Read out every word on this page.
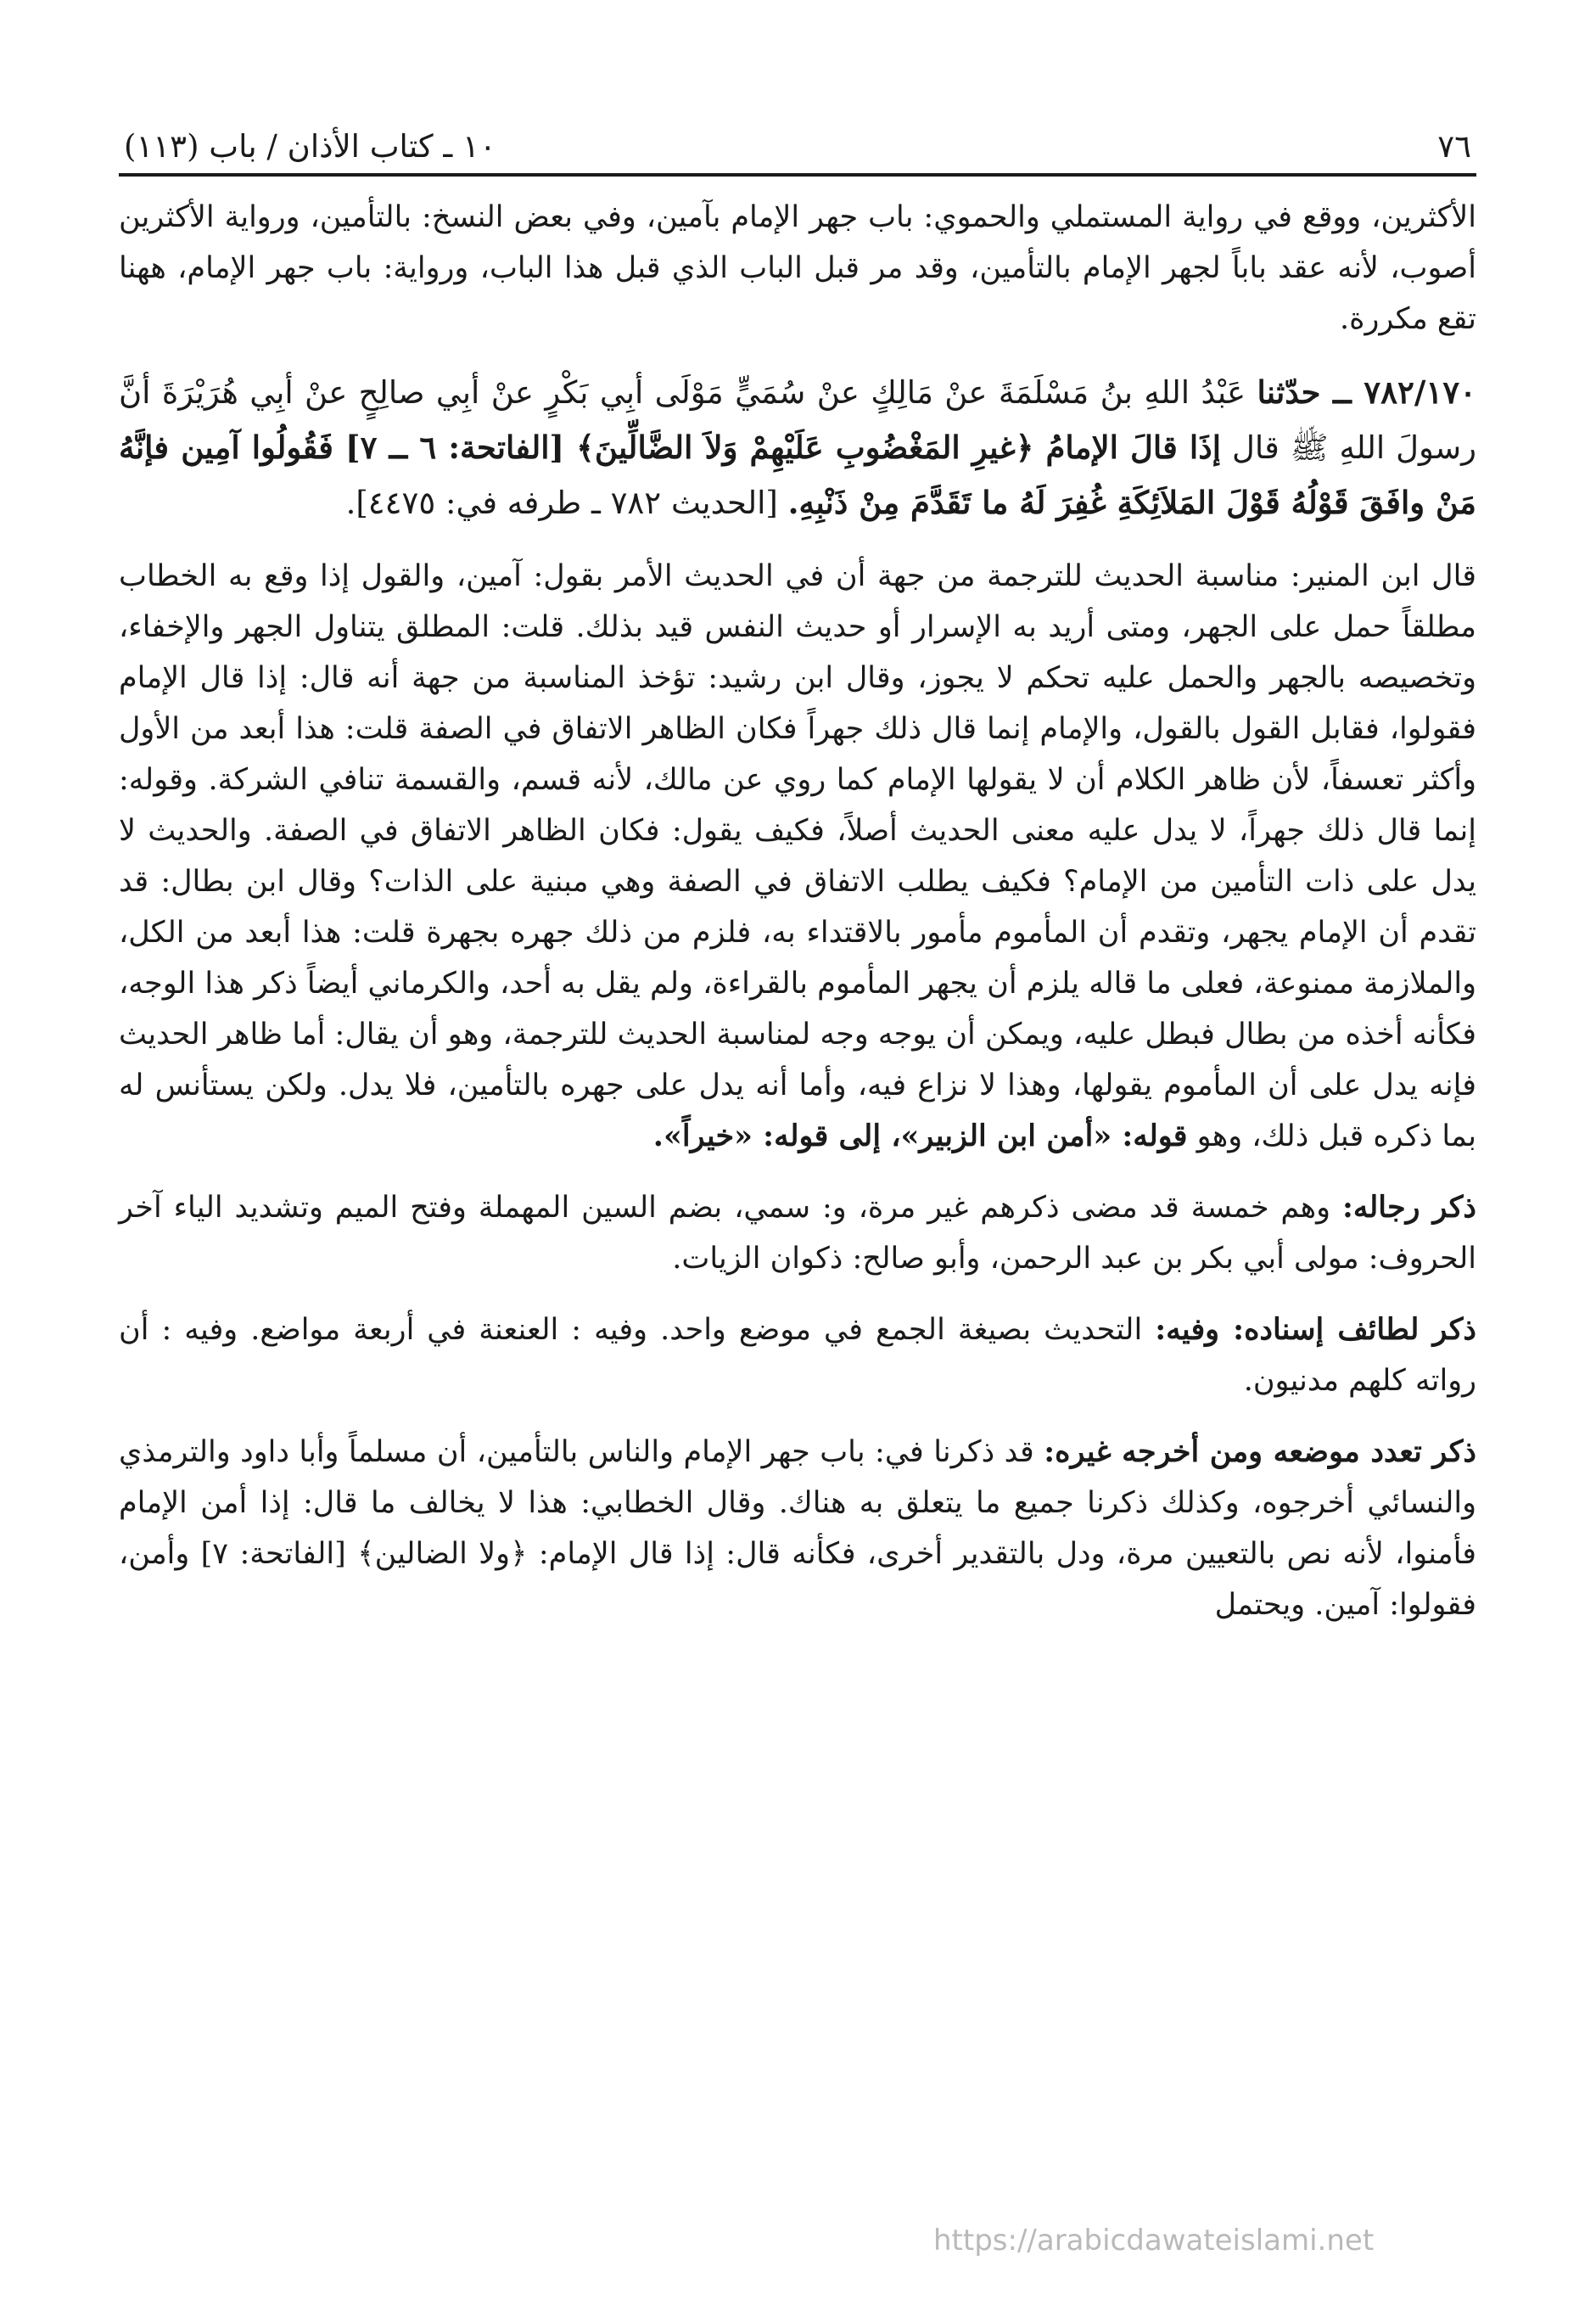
٧٦
١٠ ـ كتاب الأذان / باب (١١٣)

الأكثرين، ووقع في رواية المستملي والحموي: باب جهر الإمام بآمين، وفي بعض النسخ: بالتأمين، ورواية الأكثرين أصوب، لأنه عقد باباً لجهر الإمام بالتأمين، وقد مر قبل الباب الذي قبل هذا الباب، ورواية: باب جهر الإمام، ههنا تقع مكررة.

٧٨٢/١٧٠ ــ حدّثنا عَبْدُ اللهِ بنُ مَسْلَمَةَ عنْ مَالِكٍ عنْ سُمَيٍّ مَوْلَى أبِي بَكْرٍ عنْ أبِي صالِحٍ عنْ أبِي هُرَيْرَةَ أنَّ رسولَ اللهِ ﷺ قال إذَا قالَ الإمامُ ﴿غيرِ المَغْضُوبِ عَلَيْهِمْ وَلاَ الضَّالِّينَ﴾ [الفاتحة: ٦ ــ ٧] فَقُولُوا آمِين فإنَّهُ مَنْ وافَقَ قَوْلُهُ قَوْلَ المَلاَئِكَةِ غُفِرَ لَهُ ما تَقَدَّمَ مِنْ ذَنْبِهِ. [الحديث ٧٨٢ ـ طرفه في: ٤٤٧٥].

قال ابن المنير: مناسبة الحديث للترجمة من جهة أن في الحديث الأمر بقول: آمين، والقول إذا وقع به الخطاب مطلقاً حمل على الجهر، ومتى أريد به الإسرار أو حديث النفس قيد بذلك. قلت: المطلق يتناول الجهر والإخفاء، وتخصيصه بالجهر والحمل عليه تحكم لا يجوز، وقال ابن رشيد: تؤخذ المناسبة من جهة أنه قال: إذا قال الإمام فقولوا، فقابل القول بالقول، والإمام إنما قال ذلك جهراً فكان الظاهر الاتفاق في الصفة قلت: هذا أبعد من الأول وأكثر تعسفاً، لأن ظاهر الكلام أن لا يقولها الإمام كما روي عن مالك، لأنه قسم، والقسمة تنافي الشركة. وقوله: إنما قال ذلك جهراً، لا يدل عليه معنى الحديث أصلاً، فكيف يقول: فكان الظاهر الاتفاق في الصفة. والحديث لا يدل على ذات التأمين من الإمام؟ فكيف يطلب الاتفاق في الصفة وهي مبنية على الذات؟ وقال ابن بطال: قد تقدم أن الإمام يجهر، وتقدم أن المأموم مأمور بالاقتداء به، فلزم من ذلك جهره بجهرة قلت: هذا أبعد من الكل، والملازمة ممنوعة، فعلى ما قاله يلزم أن يجهر المأموم بالقراءة، ولم يقل به أحد، والكرماني أيضاً ذكر هذا الوجه، فكأنه أخذه من بطال فبطل عليه، ويمكن أن يوجه وجه لمناسبة الحديث للترجمة، وهو أن يقال: أما ظاهر الحديث فإنه يدل على أن المأموم يقولها، وهذا لا نزاع فيه، وأما أنه يدل على جهره بالتأمين، فلا يدل. ولكن يستأنس له بما ذكره قبل ذلك، وهو قوله: «أمن ابن الزبير»، إلى قوله: «خيراً».

ذكر رجاله: وهم خمسة قد مضى ذكرهم غير مرة، و: سمي، بضم السين المهملة وفتح الميم وتشديد الياء آخر الحروف: مولى أبي بكر بن عبد الرحمن، وأبو صالح: ذكوان الزيات.

ذكر لطائف إسناده: وفيه: التحديث بصيغة الجمع في موضع واحد. وفيه : العنعنة في أربعة مواضع. وفيه : أن رواته كلهم مدنيون.

ذكر تعدد موضعه ومن أخرجه غيره: قد ذكرنا في: باب جهر الإمام والناس بالتأمين، أن مسلماً وأبا داود والترمذي والنسائي أخرجوه، وكذلك ذكرنا جميع ما يتعلق به هناك. وقال الخطابي: هذا لا يخالف ما قال: إذا أمن الإمام فأمنوا، لأنه نص بالتعيين مرة، ودل بالتقدير أخرى، فكأنه قال: إذا قال الإمام: ﴿ولا الضالين﴾ [الفاتحة: ٧] وأمن، فقولوا: آمين. ويحتمل

https://arabicdawateislami.net
